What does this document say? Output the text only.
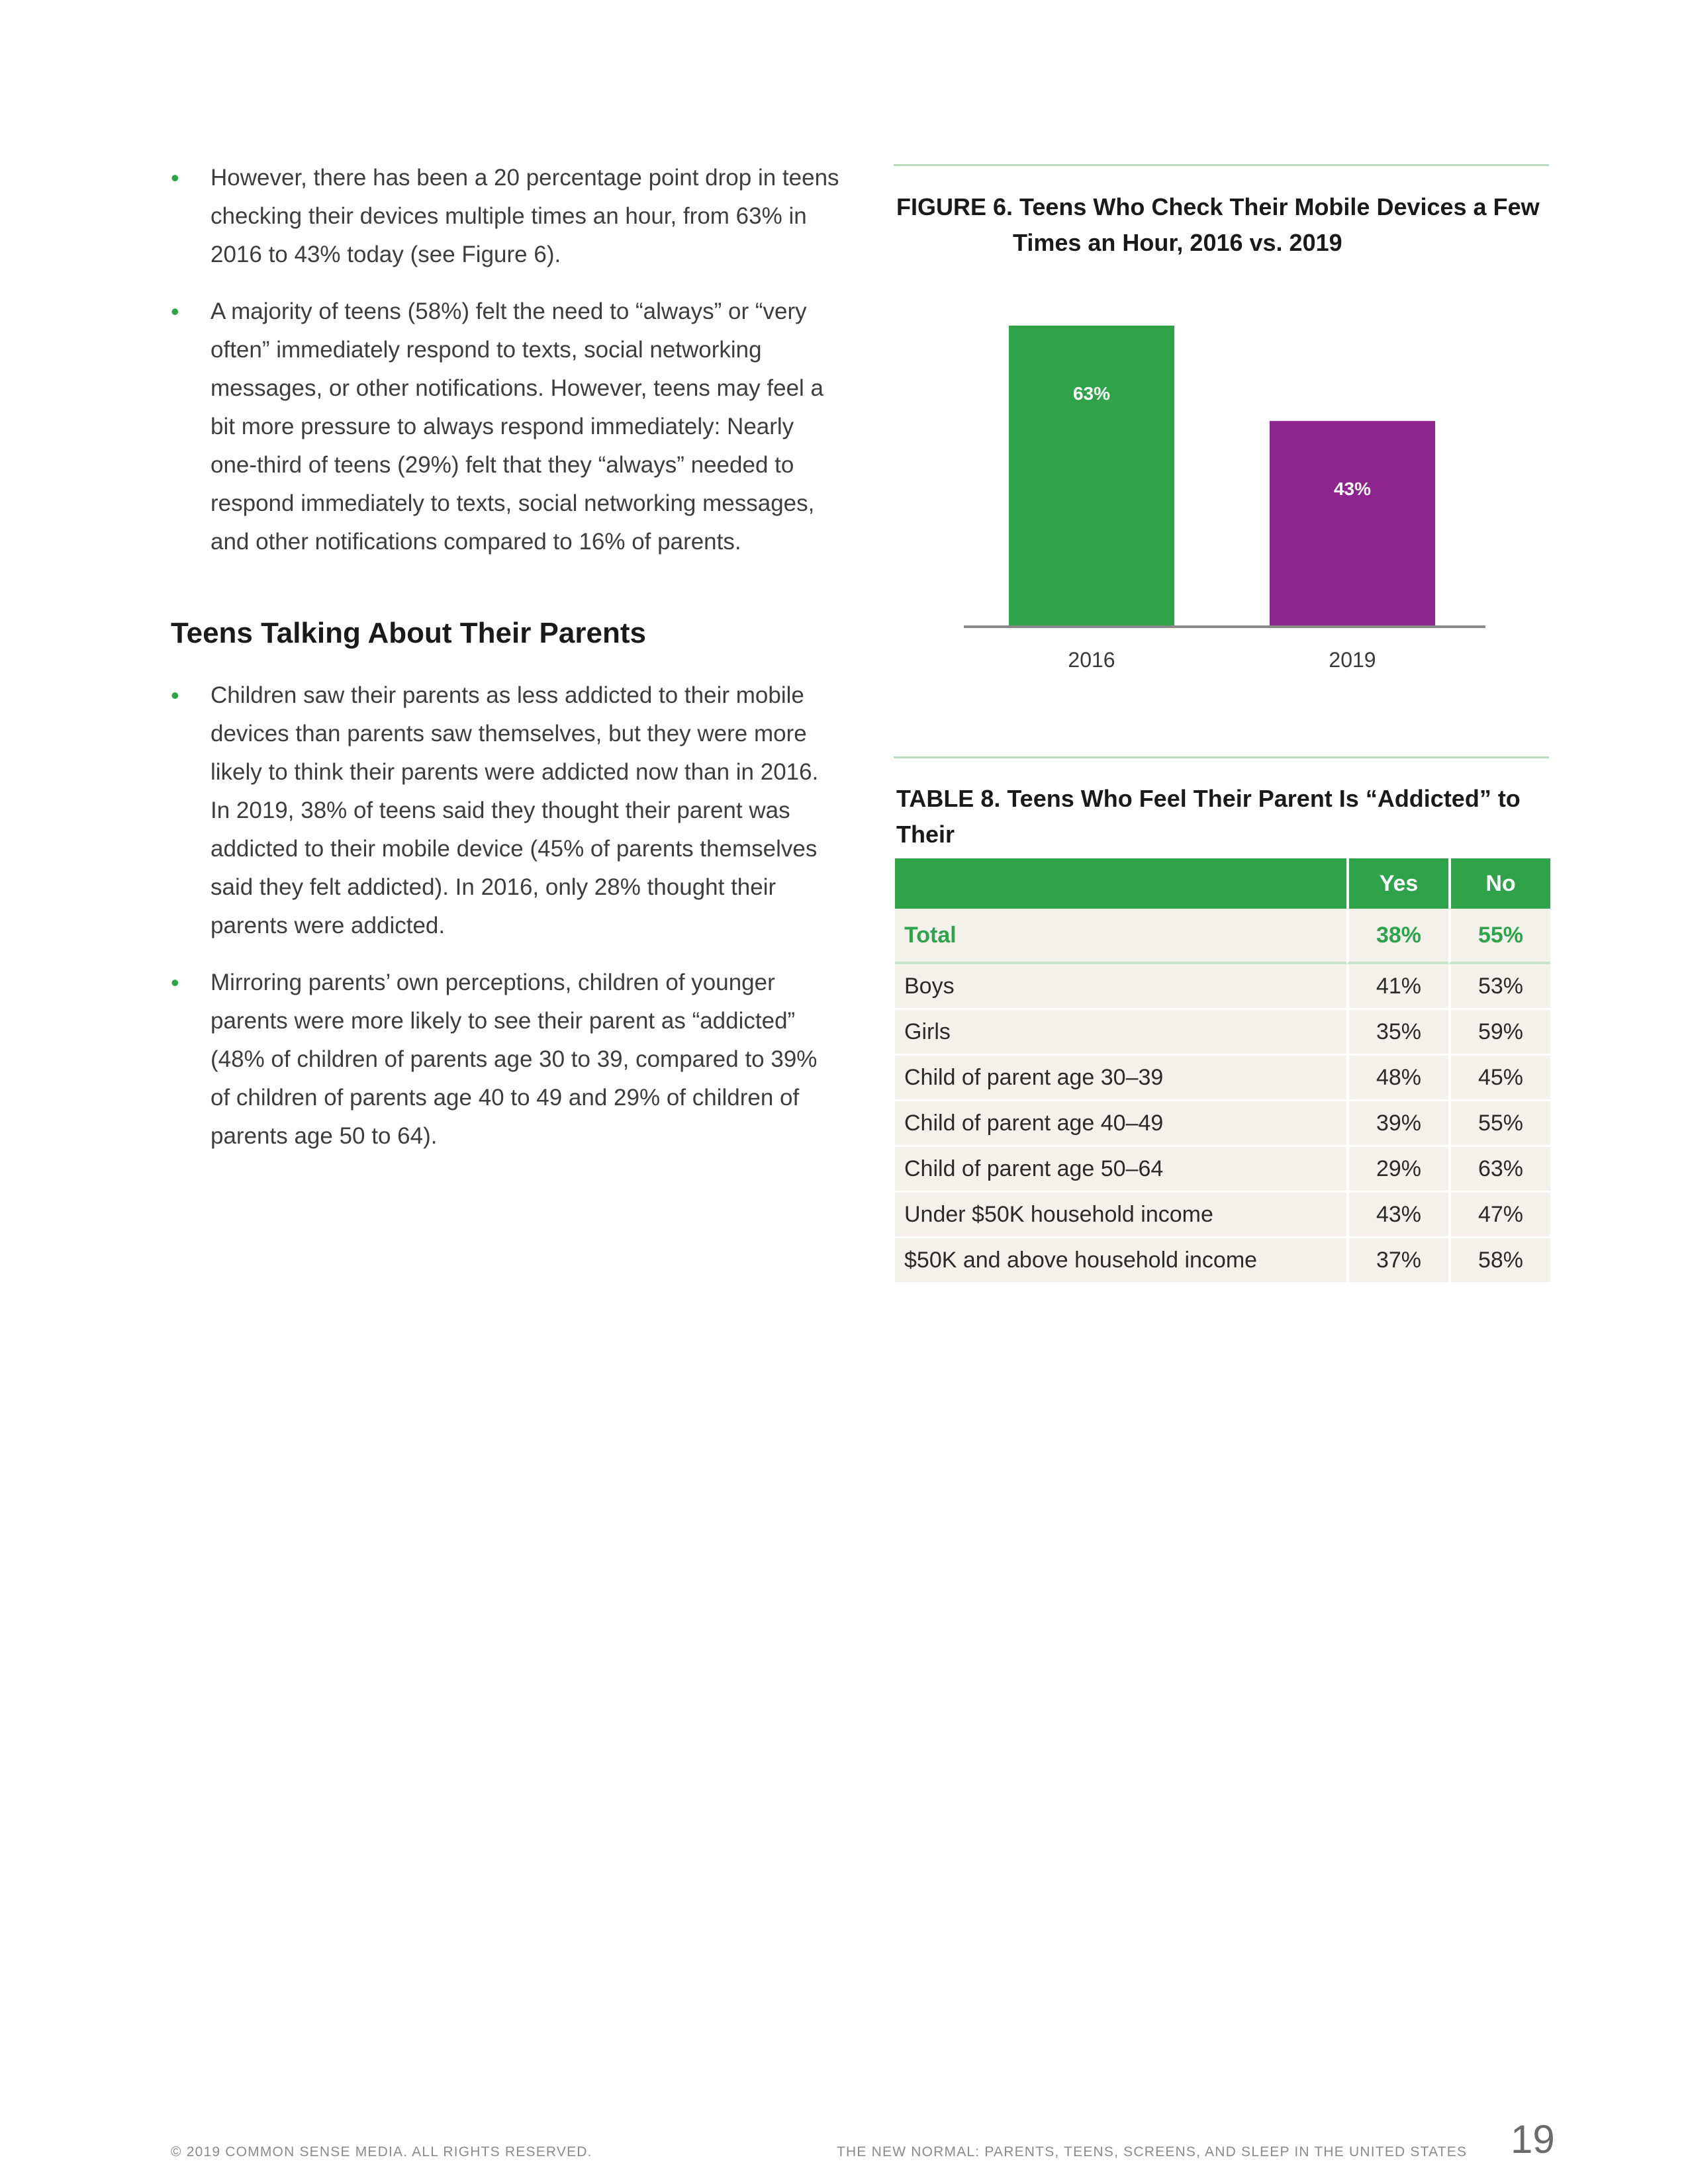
• However, there has been a 20 percentage point drop in teens checking their devices multiple times an hour, from 63% in 2016 to 43% today (see Figure 6).
• A majority of teens (58%) felt the need to “always” or “very often” immediately respond to texts, social networking messages, or other notifications. However, teens may feel a bit more pressure to always respond immediately: Nearly one-third of teens (29%) felt that they “always” needed to respond immediately to texts, social networking messages, and other notifications compared to 16% of parents.
Teens Talking About Their Parents
• Children saw their parents as less addicted to their mobile devices than parents saw themselves, but they were more likely to think their parents were addicted now than in 2016. In 2019, 38% of teens said they thought their parent was addicted to their mobile device (45% of parents themselves said they felt addicted). In 2016, only 28% thought their parents were addicted.
• Mirroring parents’ own perceptions, children of younger parents were more likely to see their parent as “addicted” (48% of children of parents age 30 to 39, compared to 39% of children of parents age 40 to 49 and 29% of children of parents age 50 to 64).
FIGURE 6. Teens Who Check Their Mobile Devices a Few
Times an Hour, 2016 vs. 2019
63%
2016
43%
2019
TABLE 8. Teens Who Feel Their Parent Is “Addicted” to Their
	Yes	No
Total	38%	55%
Boys	41%	53%
Girls	35%	59%
Child of parent age 30–39	48%	45%
Child of parent age 40–49	39%	55%
Child of parent age 50–64	29%	63%
Under $50K household income	43%	47%
$50K and above household income	37%	58%
© 2019 COMMON SENSE MEDIA. ALL RIGHTS RESERVED.	THE NEW NORMAL: PARENTS, TEENS, SCREENS, AND SLEEP IN THE UNITED STATES 19
